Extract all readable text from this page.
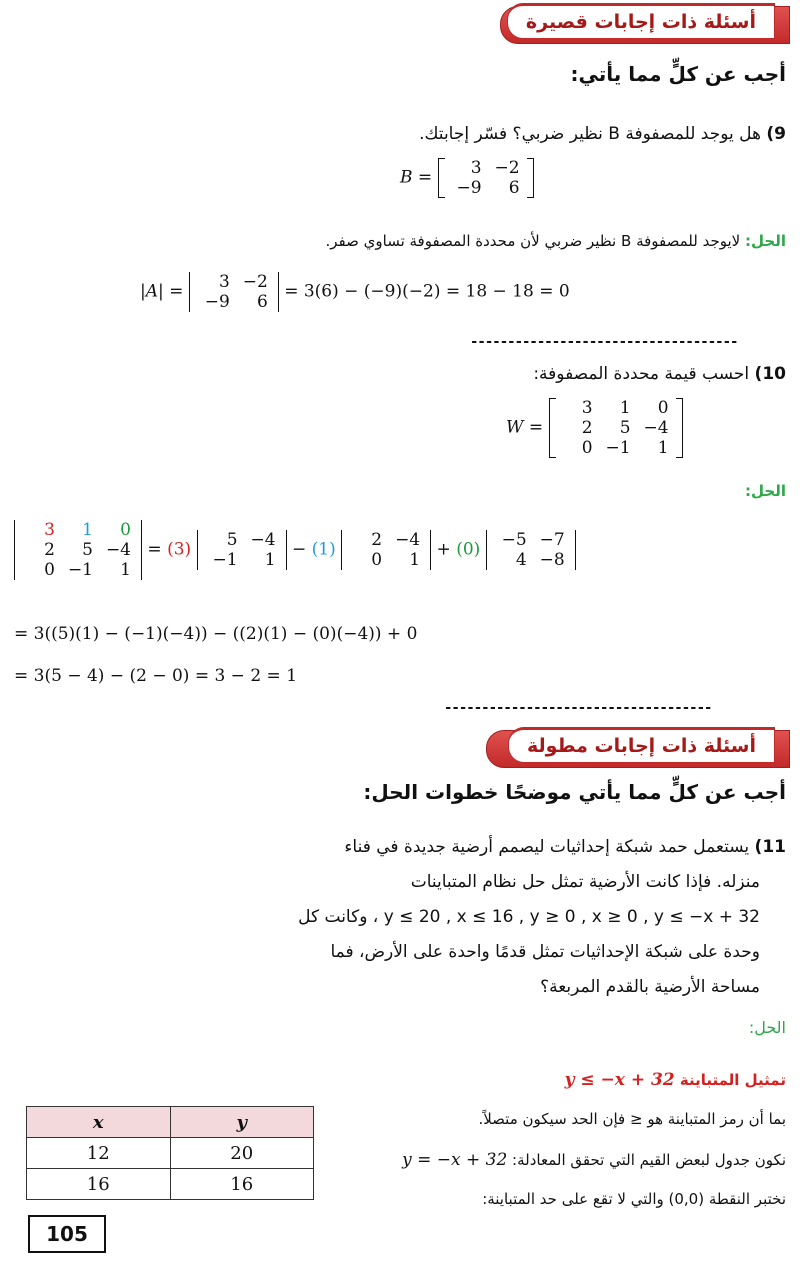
أسئلة ذات إجابات قصيرة
أجب عن كلٍّ مما يأتي:
9) هل يوجد للمصفوفة B نظير ضربي؟ فسّر إجابتك.
B =	3 −2
−9	6
الحل: لايوجد للمصفوفة B نظير ضربي لأن محددة المصفوفة تساوي صفر.
|A| =	3 −2
−9	6
= 3(6) − (−9)(−2) = 18 − 18 = 0
------------------------------------
10) احسب قيمة محددة المصفوفة:
W =
3	1	0
2	5 −4
0 −1	1
الحل:
3	1	0
2	5 −4
0 −1	1
= (3)	5 −4
−1	1
− (1)	2 −4
0	1
+ (0)	−5 −7
4 −8
= 3((5)(1) − (−1)(−4)) − ((2)(1) − (0)(−4)) + 0
= 3(5 − 4) − (2 − 0) = 3 − 2 = 1
------------------------------------
أسئلة ذات إجابات مطولة
أجب عن كلٍّ مما يأتي موضحًا خطوات الحل:
11) يستعمل حمد شبكة إحداثيات ليصمم أرضية جديدة في فناء
منزله. فإذا كانت الأرضية تمثل حل نظام المتباينات
y ≤ 20 , x ≤ 16 , y ≥ 0 , x ≥ 0 , y ≤ −x + 32 ، وكانت كل
وحدة على شبكة الإحداثيات تمثل قدمًا واحدة على الأرض، فما
مساحة الأرضية بالقدم المربعة؟
الحل:
تمثيل المتباينة y ≤ −x + 32
بما أن رمز المتباينة هو ≤ فإن الحد سيكون متصلاً.
نكون جدول لبعض القيم التي تحقق المعادلة: y = −x + 32
نختبر النقطة (0,0) والتي لا تقع على حد المتباينة:
x	y
12	20
16	16
105
